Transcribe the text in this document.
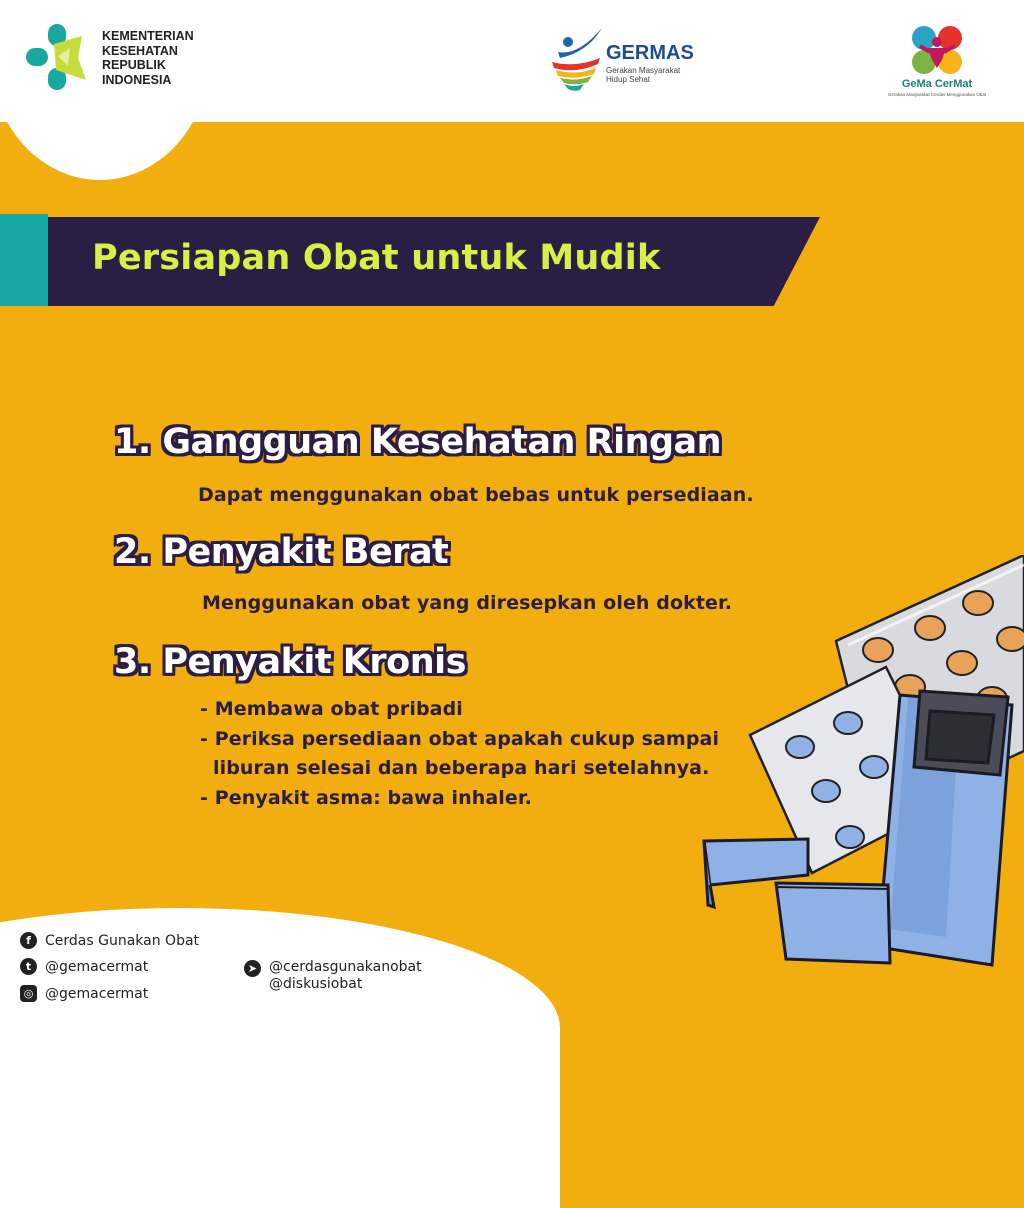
KEMENTERIAN
KESEHATAN
REPUBLIK
INDONESIA
GERMAS
Gerakan Masyarakat
Hidup Sehat	GeMa CerMat
Gerakan Masyarakat Cerdas Menggunakan Obat
Persiapan Obat untuk Mudik
1. Gangguan Kesehatan Ringan
Dapat menggunakan obat bebas untuk persediaan.
2. Penyakit Berat
Menggunakan obat yang diresepkan oleh dokter.
3. Penyakit Kronis
- Membawa obat pribadi
- Periksa persediaan obat apakah cukup sampai
liburan selesai dan beberapa hari setelahnya.
- Penyakit asma: bawa inhaler.
f	Cerdas Gunakan Obat
t @gemacermat
◎ @gemacermat
➤ @cerdasgunakanobat
@diskusiobat
